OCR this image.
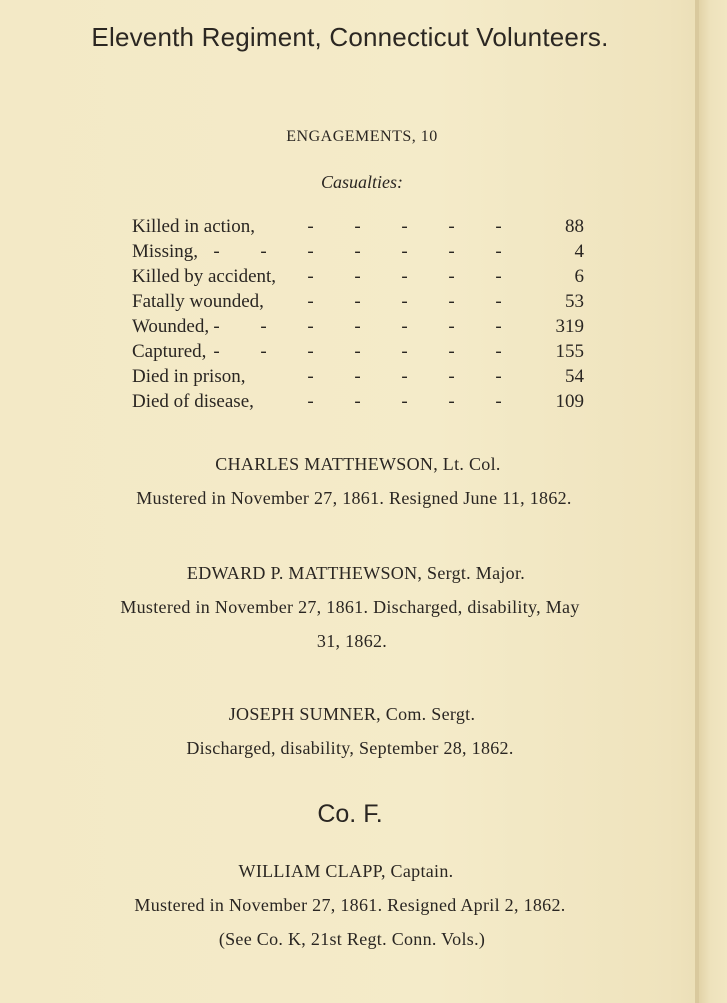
Eleventh Regiment, Connecticut Volunteers.
ENGAGEMENTS, 10
Casualties:
Killed in action,	- - - - -	88
Missing, - - - - - - -	4
Killed by accident,	- - - - -	6
Fatally wounded,	- - - - -	53
Wounded, - - - - - - -	319
Captured, - - - - - - -	155
Died in prison,	- - - - -	54
Died of disease,	- - - - -	109
CHARLES MATTHEWSON, Lt. Col.
Mustered in November 27, 1861. Resigned June 11, 1862.
EDWARD P. MATTHEWSON, Sergt. Major.
Mustered in November 27, 1861. Discharged, disability, May
31, 1862.
JOSEPH SUMNER, Com. Sergt.
Discharged, disability, September 28, 1862.
Co. F.
WILLIAM CLAPP, Captain.
Mustered in November 27, 1861. Resigned April 2, 1862.
(See Co. K, 21st Regt. Conn. Vols.)
